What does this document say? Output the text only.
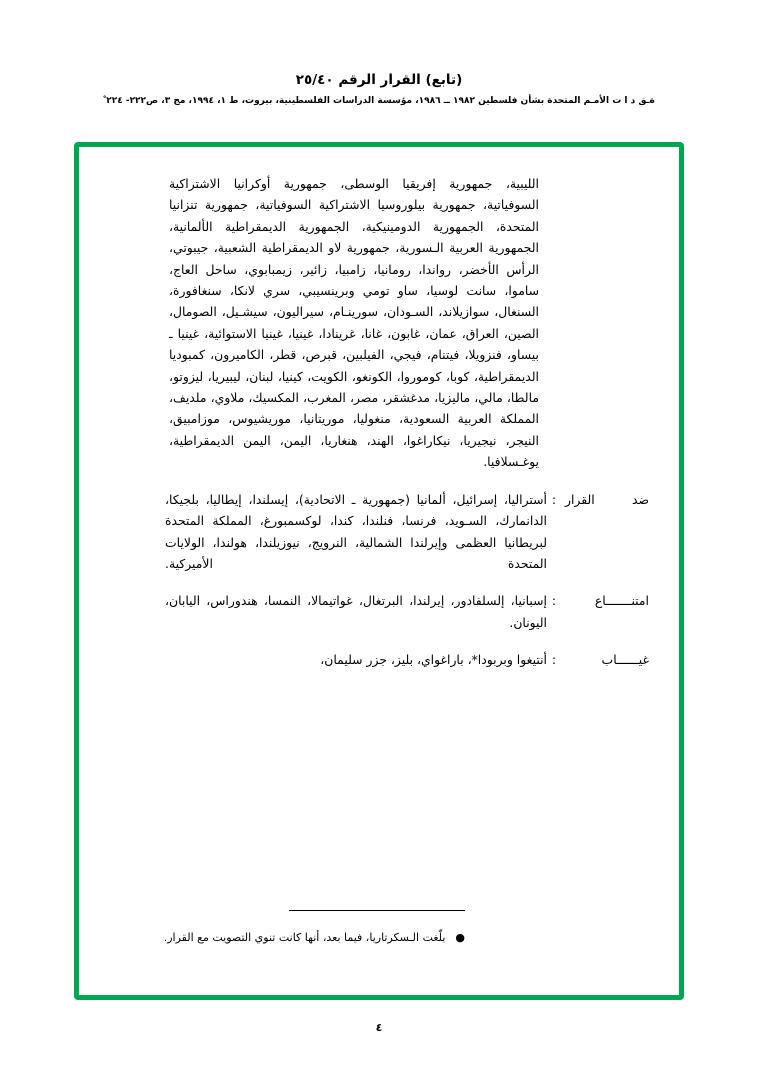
(تابع) القرار الرقم ٢٥/٤٠
ةـق د ا ت الأمـم المتحدة بشأن فلسطين ١٩٨٢ ــ ١٩٨٦، مؤسسة الدراسات الفلسطينية، بيروت، ط ١، ١٩٩٤، مج ٣، ص٢٢٢- ٢٢٤ ْ
الليبية، جمهورية إفريقيا الوسطى، جمهورية أوكرانيا الاشتراكية السوفياتية، جمهورية بيلوروسيا الاشتراكية السوفياتية، جمهورية تنزانيا المتحدة، الجمهورية الدومينيكية، الجمهورية الديمقراطية الألمانية، الجمهورية العربية الـسورية، جمهورية لاو الديمقراطية الشعبية، جيبوتي، الرأس الأخضر، رواندا، رومانيا، زامبيا، زائير، زيمبابوي، ساحل العاج، ساموا، سانت لوسيا، ساو تومي وبرينسيبي، سري لانكا، سنغافورة، السنغال، سوازيلاند، السـودان، سورينـام، سيراليون، سيشـيل، الصومال، الصين، العراق، عمان، غابون، غانا، غرينادا، غينيا، غينيا الاستوائية، غينيا ـ بيساو، فنزويلا، فيتنام، فيجي، الفيلبين، قبرص، قطر، الكاميرون، كمبوديا الديمقراطية، كوبا، كوموروا، الكونغو، الكويت، كينيا، لبنان، ليبيريا، ليزوتو، مالطا، مالي، ماليزيا، مدغشقر، مصر، المغرب، المكسيك، ملاوي، ملديف، المملكة العربية السعودية، منغوليا، موريتانيا، موريشيوس، موزامبيق، النيجر، نيجيريا، نيكاراغوا، الهند، هنغاريا، اليمن، اليمن الديمقراطية، يوغـسلافيا.
ضد القرار
:
أستراليا، إسرائيل، ألمانيا (جمهورية ـ الاتحادية)، إيسلندا، إيطاليا، بلجيكا، الدانمارك، السـويد، فرنسا، فنلندا، كندا، لوكسمبورغ، المملكة المتحدة لبريطانيا العظمى وإيرلندا الشمالية، النرويج، نيوزيلندا، هولندا، الولايات المتحدة الأميركية.
امتنـــــــاع
:
إسبانيا، إلسلفادور، إيرلندا، البرتغال، غواتيمالا، النمسا، هندوراس، اليابان، اليونان.
غيــــــاب
:
أنتيغوا وبربودا*، باراغواي، بليز، جزر سليمان،
●
بلّغت الـسكرتاريا، فيما بعد، أنها كانت تنوي التصويت مع القرار.
٤
